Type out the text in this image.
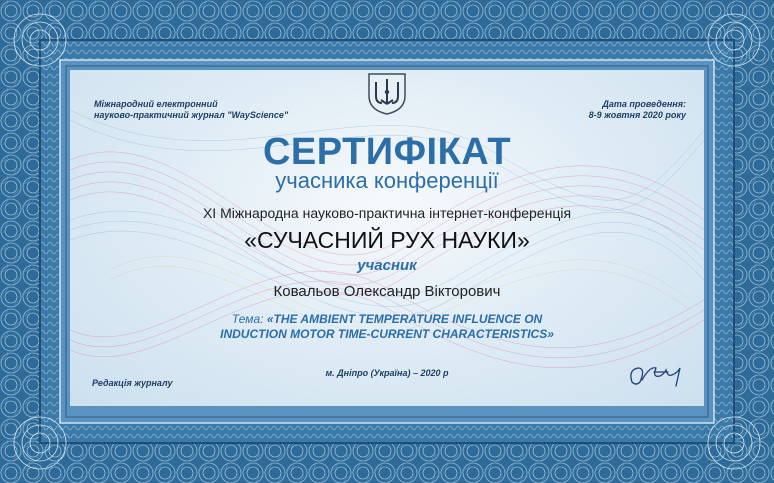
Міжнародний електронний
науково-практичний журнал "WayScience"
Дата проведення:
8-9 жовтня 2020 року
СЕРТИФІКАТ
учасника конференції
ХІ Міжнародна науково-практична інтернет-конференція
«СУЧАСНИЙ РУХ НАУКИ»
учасник
Ковальов Олександр Вікторович
Тема: «THE AMBIENT TEMPERATURE INFLUENCE ON
INDUCTION MOTOR TIME-CURRENT CHARACTERISTICS»
м. Дніпро (Україна) – 2020 р
Редакція журналу
